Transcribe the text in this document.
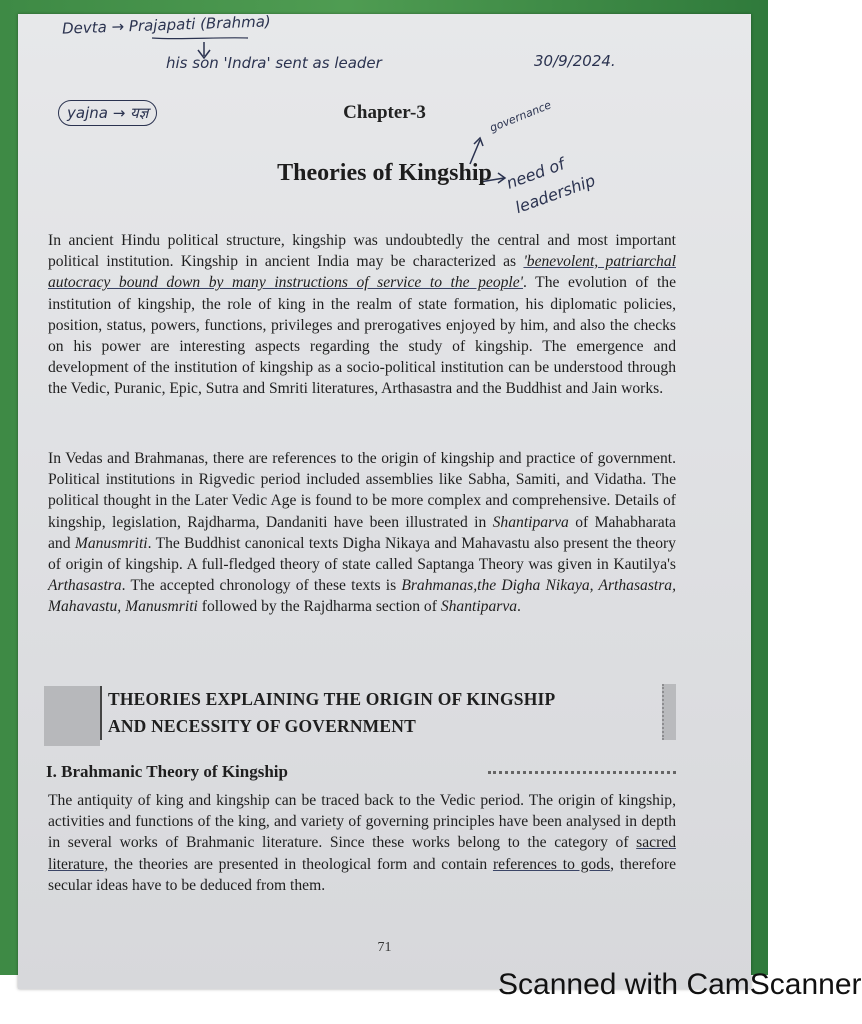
Devta → Prajapati (Brahma)
his son 'Indra' sent as leader	30/9/2024.
yajna → यज्ञ	governance
need of leadership
Chapter-3
Theories of Kingship
In ancient Hindu political structure, kingship was undoubtedly the central and most important political institution. Kingship in ancient India may be characterized as 'benevolent, patriarchal autocracy bound down by many instructions of service to the people'. The evolution of the institution of kingship, the role of king in the realm of state formation, his diplomatic policies, position, status, powers, functions, privileges and prerogatives enjoyed by him, and also the checks on his power are interesting aspects regarding the study of kingship. The emergence and development of the institution of kingship as a socio-political institution can be understood through the Vedic, Puranic, Epic, Sutra and Smriti literatures, Arthasastra and the Buddhist and Jain works.
In Vedas and Brahmanas, there are references to the origin of kingship and practice of government. Political institutions in Rigvedic period included assemblies like Sabha, Samiti, and Vidatha. The political thought in the Later Vedic Age is found to be more complex and comprehensive. Details of kingship, legislation, Rajdharma, Dandaniti have been illustrated in Shantiparva of Mahabharata and Manusmriti. The Buddhist canonical texts Digha Nikaya and Mahavastu also present the theory of origin of kingship. A full-fledged theory of state called Saptanga Theory was given in Kautilya's Arthasastra. The accepted chronology of these texts is Brahmanas,the Digha Nikaya, Arthasastra, Mahavastu, Manusmriti followed by the Rajdharma section of Shantiparva.
THEORIES EXPLAINING THE ORIGIN OF KINGSHIP
AND NECESSITY OF GOVERNMENT
I. Brahmanic Theory of Kingship
The antiquity of king and kingship can be traced back to the Vedic period. The origin of kingship, activities and functions of the king, and variety of governing principles have been analysed in depth in several works of Brahmanic literature. Since these works belong to the category of sacred literature, the theories are presented in theological form and contain references to gods, therefore secular ideas have to be deduced from them.
71
Scanned with CamScanner
